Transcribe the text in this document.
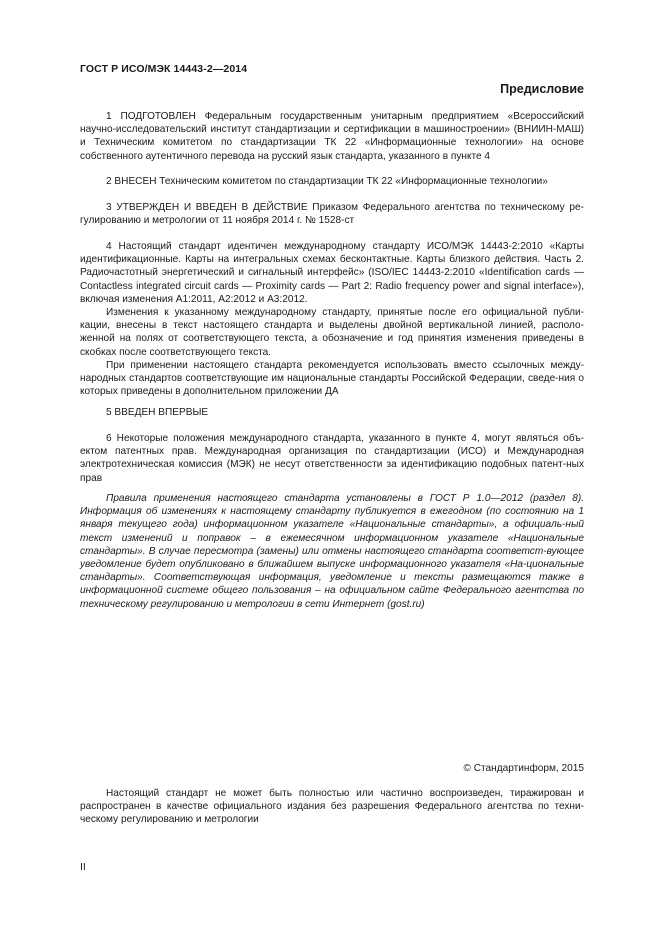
ГОСТ Р ИСО/МЭК 14443-2—2014
Предисловие

1 ПОДГОТОВЛЕН Федеральным государственным унитарным предприятием «Всероссийский научно-исследовательский институт стандартизации и сертификации в машиностроении» (ВНИИН-МАШ) и Техническим комитетом по стандартизации ТК 22 «Информационные технологии» на основе собственного аутентичного перевода на русский язык стандарта, указанного в пункте 4

2 ВНЕСЕН Техническим комитетом по стандартизации ТК 22 «Информационные технологии»

3 УТВЕРЖДЕН И ВВЕДЕН В ДЕЙСТВИЕ Приказом Федерального агентства по техническому ре-гулированию и метрологии от 11 ноября 2014 г. № 1528-ст

4 Настоящий стандарт идентичен международному стандарту ИСО/МЭК 14443-2:2010 «Карты идентификационные. Карты на интегральных схемах бесконтактные. Карты близкого действия. Часть 2. Радиочастотный энергетический и сигнальный интерфейс» (ISO/IEC 14443-2:2010 «Identification cards — Contactless integrated circuit cards — Proximity cards — Part 2: Radio frequency power and signal interface»), включая изменения А1:2011, А2:2012 и А3:2012.

Изменения к указанному международному стандарту, принятые после его официальной публи-кации, внесены в текст настоящего стандарта и выделены двойной вертикальной линией, располо-женной на полях от соответствующего текста, а обозначение и год принятия изменения приведены в скобках после соответствующего текста.

При применении настоящего стандарта рекомендуется использовать вместо ссылочных между-народных стандартов соответствующие им национальные стандарты Российской Федерации, сведе-ния о которых приведены в дополнительном приложении ДА

5 ВВЕДЕН ВПЕРВЫЕ

6 Некоторые положения международного стандарта, указанного в пункте 4, могут являться объ-ектом патентных прав. Международная организация по стандартизации (ИСО) и Международная электротехническая комиссия (МЭК) не несут ответственности за идентификацию подобных патент-ных прав

Правила применения настоящего стандарта установлены в ГОСТ Р 1.0—2012 (раздел 8). Информация об изменениях к настоящему стандарту публикуется в ежегодном (по состоянию на 1 января текущего года) информационном указателе «Национальные стандарты», а официаль-ный текст изменений и поправок – в ежемесячном информационном указателе «Национальные стандарты». В случае пересмотра (замены) или отмены настоящего стандарта соответст-вующее уведомление будет опубликовано в ближайшем выпуске информационного указателя «На-циональные стандарты». Соответствующая информация, уведомление и тексты размещаются также в информационной системе общего пользования – на официальном сайте Федерального агентства по техническому регулированию и метрологии в сети Интернет (gost.ru)

© Стандартинформ, 2015

Настоящий стандарт не может быть полностью или частично воспроизведен, тиражирован и распространен в качестве официального издания без разрешения Федерального агентства по техни-ческому регулированию и метрологии

II
